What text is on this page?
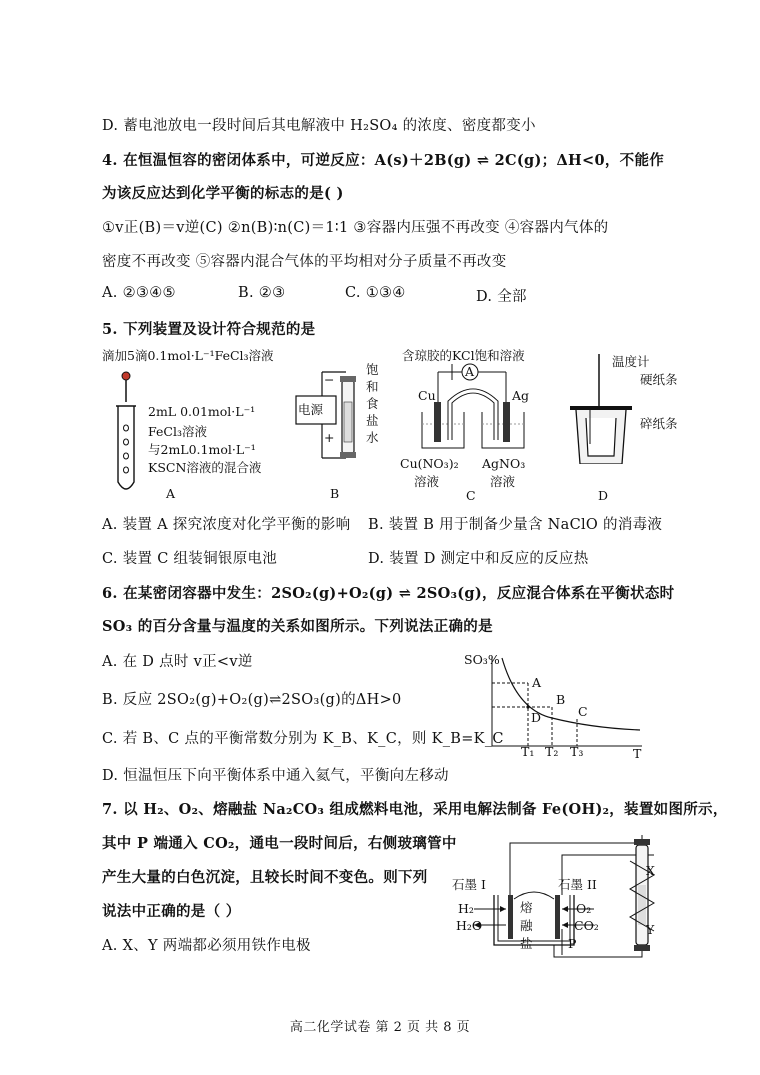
D. 蓄电池放电一段时间后其电解液中 H₂SO₄ 的浓度、密度都变小
4. 在恒温恒容的密闭体系中，可逆反应：A(s)＋2B(g) ⇌ 2C(g)；ΔH<0，不能作
为该反应达到化学平衡的标志的是( )
①v正(B)＝v逆(C) ②n(B)∶n(C)＝1∶1 ③容器内压强不再改变 ④容器内气体的
密度不再改变 ⑤容器内混合气体的平均相对分子质量不再改变
A. ②③④⑤	B. ②③	C. ①③④	D. 全部
5. 下列装置及设计符合规范的是
滴加5滴0.1mol·L⁻¹FeCl₃溶液
2mL 0.01mol·L⁻¹
FeCl₃溶液
与2mL0.1mol·L⁻¹
KSCN溶液的混合液
A
电源
−
+
饱
和
食
盐
水
B
含琼胶的KCl饱和溶液
A
Cu	Ag
Cu(NO₃)₂
溶液
AgNO₃
溶液
C
温度计
硬纸条
碎纸条
D
A. 装置 A 探究浓度对化学平衡的影响 B. 装置 B 用于制备少量含 NaClO 的消毒液
C. 装置 C 组装铜银原电池	D. 装置 D 测定中和反应的反应热
6. 在某密闭容器中发生：2SO₂(g)+O₂(g) ⇌ 2SO₃(g)，反应混合体系在平衡状态时
SO₃ 的百分含量与温度的关系如图所示。下列说法正确的是
A. 在 D 点时 v正<v逆
B. 反应 2SO₂(g)+O₂(g)⇌2SO₃(g)的ΔH>0
C. 若 B、C 点的平衡常数分别为 K_B、K_C，则 K_B=K_C
D. 恒温恒压下向平衡体系中通入氦气，平衡向左移动
SO₃%
A
B
C
D
T₁ T₂ T₃	T
7. 以 H₂、O₂、熔融盐 Na₂CO₃ 组成燃料电池，采用电解法制备 Fe(OH)₂，装置如图所示，
其中 P 端通入 CO₂，通电一段时间后，右侧玻璃管中
产生大量的白色沉淀，且较长时间不变色。则下列
说法中正确的是（ ）
A. X、Y 两端都必须用铁作电极
石墨 I	石墨 II
H₂
H₂O
熔
融
盐
O₂
CO₂
P
X
Y
高二化学试卷 第 2 页 共 8 页
